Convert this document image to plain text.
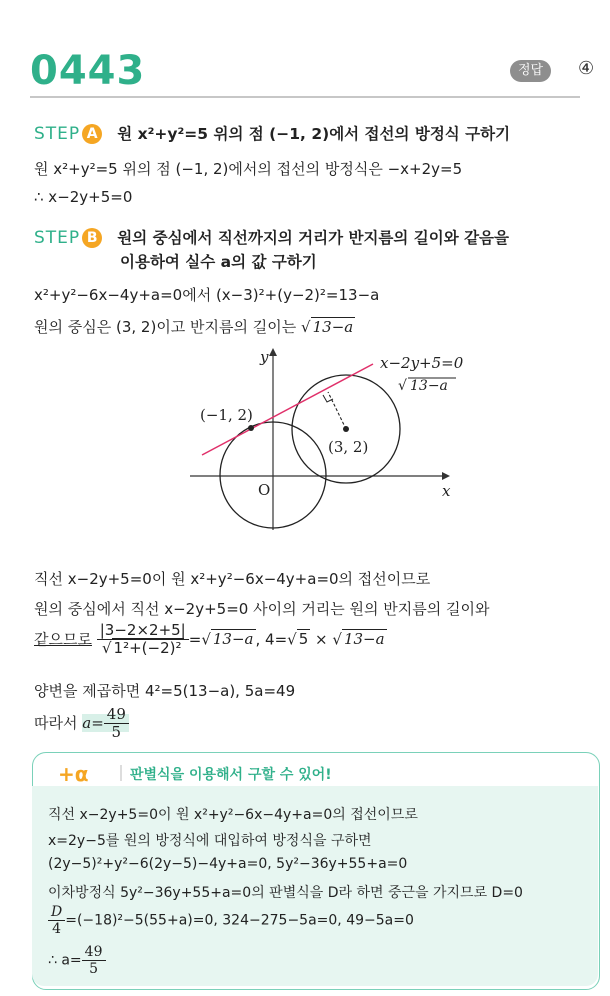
0443	정답	④
STEP A 원 x²+y²=5 위의 점 (−1, 2)에서 접선의 방정식 구하기
원 x²+y²=5 위의 점 (−1, 2)에서의 접선의 방정식은 −x+2y=5
∴ x−2y+5=0
STEP B 원의 중심에서 직선까지의 거리가 반지름의 길이와 같음을
이용하여 실수 a의 값 구하기
x²+y²−6x−4y+a=0에서 (x−3)²+(y−2)²=13−a
원의 중심은 (3, 2)이고 반지름의 길이는 √ 13−a
y
x
O
x−2y+5=0
√ 13−a
(−1, 2)
(3, 2)
직선 x−2y+5=0이 원 x²+y²−6x−4y+a=0의 접선이므로
원의 중심에서 직선 x−2y+5=0 사이의 거리는 원의 반지름의 길이와
같으므로 $\frac{|3-2\times 2+5|}{\text{√ 1²+(−2)²}}$ =√ 13−a , 4=√ 5 × √ 13−a
양변을 제곱하면 4²=5(13−a), 5a=49
따라서 $a= \frac{49}{5}$
+α	판별식을 이용해서 구할 수 있어!
직선 x−2y+5=0이 원 x²+y²−6x−4y+a=0의 접선이므로
x=2y−5를 원의 방정식에 대입하여 방정식을 구하면
(2y−5)²+y²−6(2y−5)−4y+a=0, 5y²−36y+55+a=0
이차방정식 5y²−36y+55+a=0의 판별식을 D라 하면 중근을 가지므로 D=0
$\frac{D}{4} =(-18)^2-5(55+a)=0$, 324−275−5a=0, 49−5a=0
∴ $a= \frac{49}{5}$
